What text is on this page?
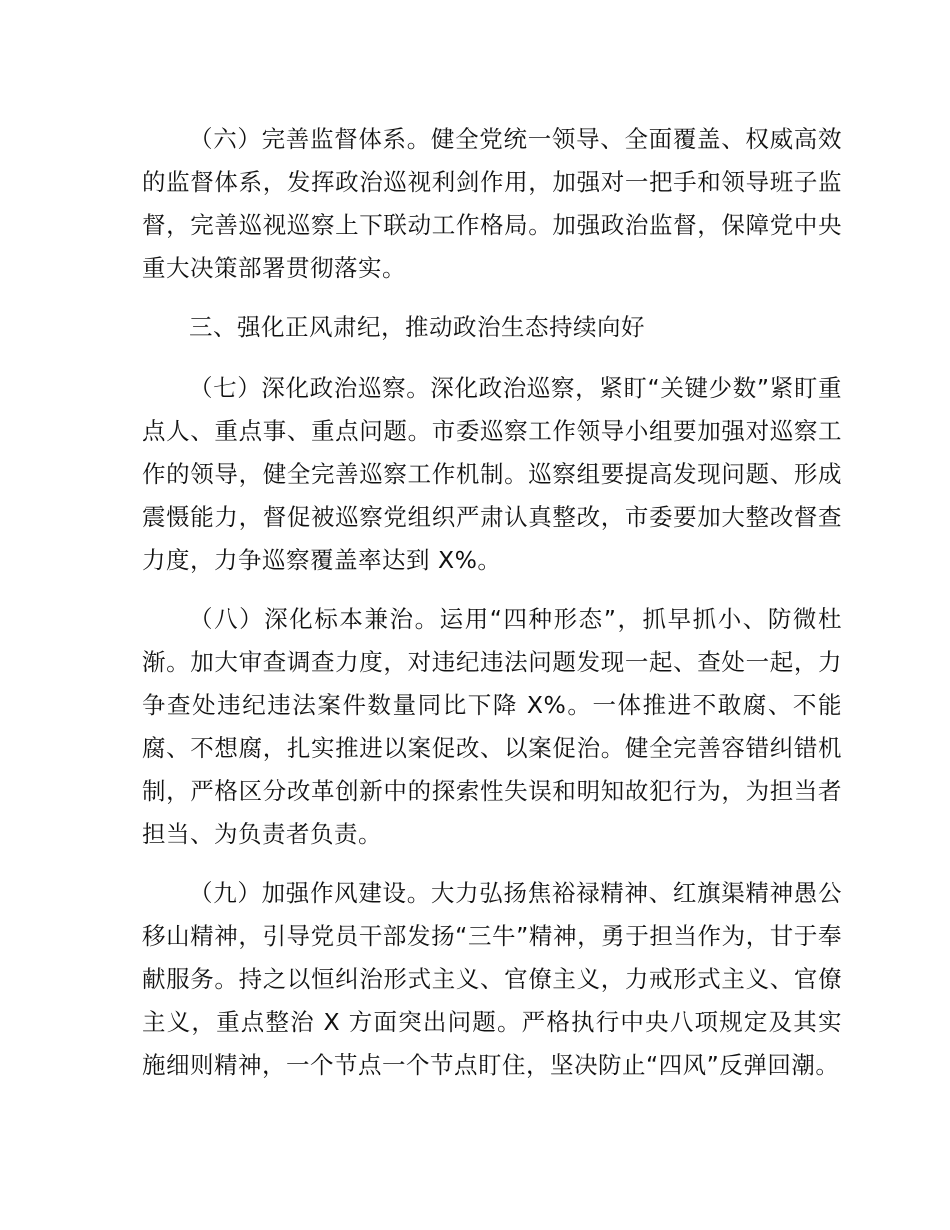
（六）完善监督体系。健全党统一领导、全面覆盖、权威高效的监督体系，发挥政治巡视利剑作用，加强对一把手和领导班子监督，完善巡视巡察上下联动工作格局。加强政治监督，保障党中央重大决策部署贯彻落实。

三、强化正风肃纪，推动政治生态持续向好

（七）深化政治巡察。深化政治巡察，紧盯“关键少数”紧盯重点人、重点事、重点问题。市委巡察工作领导小组要加强对巡察工作的领导，健全完善巡察工作机制。巡察组要提高发现问题、形成震慑能力，督促被巡察党组织严肃认真整改，市委要加大整改督查力度，力争巡察覆盖率达到 X%。

（八）深化标本兼治。运用“四种形态”，抓早抓小、防微杜渐。加大审查调查力度，对违纪违法问题发现一起、查处一起，力争查处违纪违法案件数量同比下降 X%。一体推进不敢腐、不能腐、不想腐，扎实推进以案促改、以案促治。健全完善容错纠错机制，严格区分改革创新中的探索性失误和明知故犯行为，为担当者担当、为负责者负责。

（九）加强作风建设。大力弘扬焦裕禄精神、红旗渠精神愚公移山精神，引导党员干部发扬“三牛”精神，勇于担当作为，甘于奉献服务。持之以恒纠治形式主义、官僚主义，力戒形式主义、官僚主义，重点整治 X 方面突出问题。严格执行中央八项规定及其实施细则精神，一个节点一个节点盯住，坚决防止“四风”反弹回潮。
